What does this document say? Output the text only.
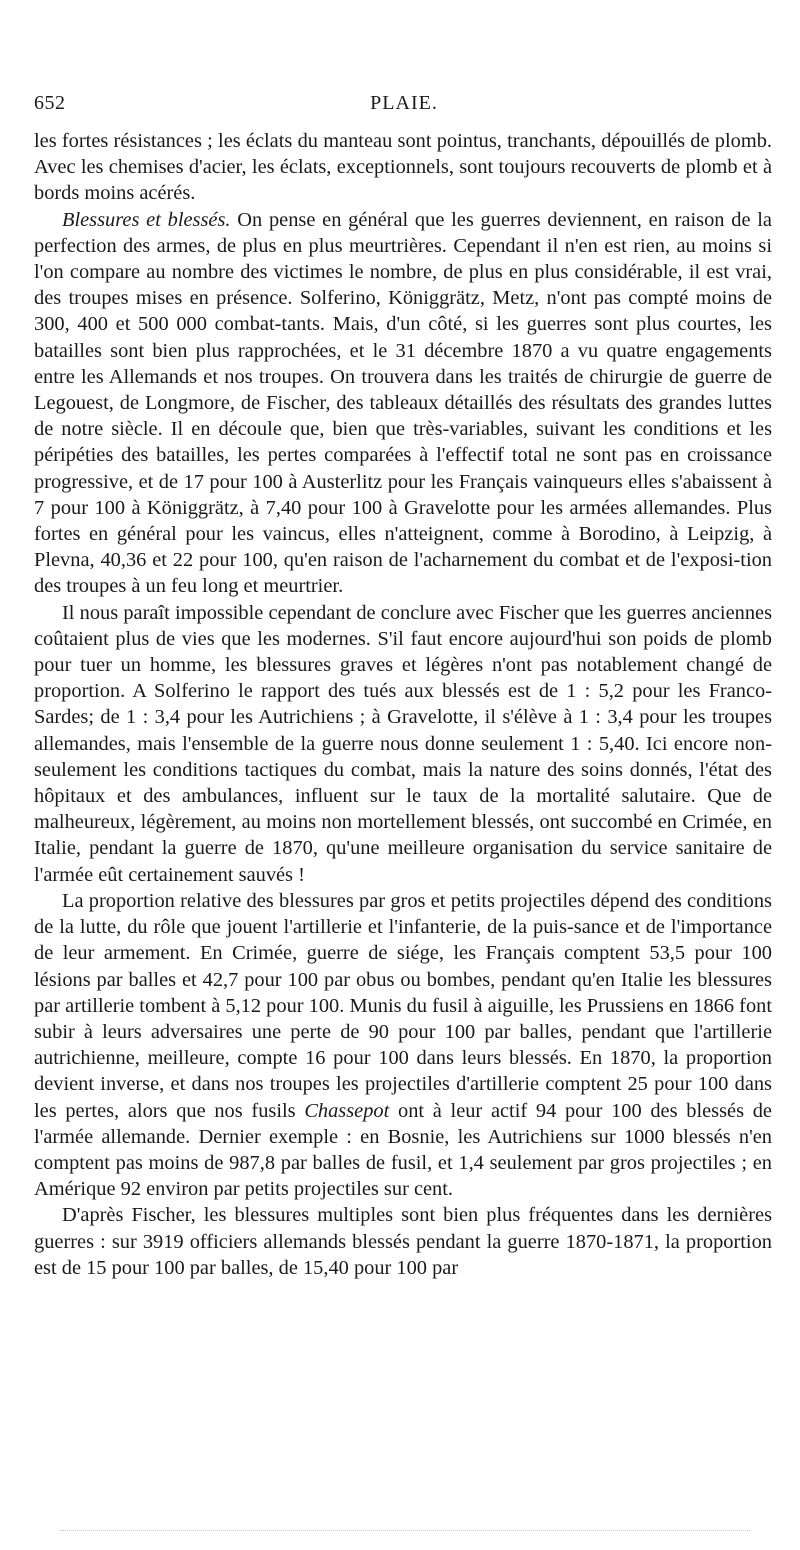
652	PLAIE.

les fortes résistances ; les éclats du manteau sont pointus, tranchants, dépouillés de plomb. Avec les chemises d'acier, les éclats, exceptionnels, sont toujours recouverts de plomb et à bords moins acérés.

Blessures et blessés. On pense en général que les guerres deviennent, en raison de la perfection des armes, de plus en plus meurtrières. Cependant il n'en est rien, au moins si l'on compare au nombre des victimes le nombre, de plus en plus considérable, il est vrai, des troupes mises en présence. Solferino, Königgrätz, Metz, n'ont pas compté moins de 300, 400 et 500 000 combat-tants. Mais, d'un côté, si les guerres sont plus courtes, les batailles sont bien plus rapprochées, et le 31 décembre 1870 a vu quatre engagements entre les Allemands et nos troupes. On trouvera dans les traités de chirurgie de guerre de Legouest, de Longmore, de Fischer, des tableaux détaillés des résultats des grandes luttes de notre siècle. Il en découle que, bien que très-variables, suivant les conditions et les péripéties des batailles, les pertes comparées à l'effectif total ne sont pas en croissance progressive, et de 17 pour 100 à Austerlitz pour les Français vainqueurs elles s'abaissent à 7 pour 100 à Königgrätz, à 7,40 pour 100 à Gravelotte pour les armées allemandes. Plus fortes en général pour les vaincus, elles n'atteignent, comme à Borodino, à Leipzig, à Plevna, 40,36 et 22 pour 100, qu'en raison de l'acharnement du combat et de l'exposi-tion des troupes à un feu long et meurtrier.

Il nous paraît impossible cependant de conclure avec Fischer que les guerres anciennes coûtaient plus de vies que les modernes. S'il faut encore aujourd'hui son poids de plomb pour tuer un homme, les blessures graves et légères n'ont pas notablement changé de proportion. A Solferino le rapport des tués aux blessés est de 1 : 5,2 pour les Franco-Sardes; de 1 : 3,4 pour les Autrichiens ; à Gravelotte, il s'élève à 1 : 3,4 pour les troupes allemandes, mais l'ensemble de la guerre nous donne seulement 1 : 5,40. Ici encore non-seulement les conditions tactiques du combat, mais la nature des soins donnés, l'état des hôpitaux et des ambulances, influent sur le taux de la mortalité salutaire. Que de malheureux, légèrement, au moins non mortellement blessés, ont succombé en Crimée, en Italie, pendant la guerre de 1870, qu'une meilleure organisation du service sanitaire de l'armée eût certainement sauvés !

La proportion relative des blessures par gros et petits projectiles dépend des conditions de la lutte, du rôle que jouent l'artillerie et l'infanterie, de la puis-sance et de l'importance de leur armement. En Crimée, guerre de siége, les Français comptent 53,5 pour 100 lésions par balles et 42,7 pour 100 par obus ou bombes, pendant qu'en Italie les blessures par artillerie tombent à 5,12 pour 100. Munis du fusil à aiguille, les Prussiens en 1866 font subir à leurs adversaires une perte de 90 pour 100 par balles, pendant que l'artillerie autrichienne, meilleure, compte 16 pour 100 dans leurs blessés. En 1870, la proportion devient inverse, et dans nos troupes les projectiles d'artillerie comptent 25 pour 100 dans les pertes, alors que nos fusils Chassepot ont à leur actif 94 pour 100 des blessés de l'armée allemande. Dernier exemple : en Bosnie, les Autrichiens sur 1000 blessés n'en comptent pas moins de 987,8 par balles de fusil, et 1,4 seulement par gros projectiles ; en Amérique 92 environ par petits projectiles sur cent.

D'après Fischer, les blessures multiples sont bien plus fréquentes dans les dernières guerres : sur 3919 officiers allemands blessés pendant la guerre 1870-1871, la proportion est de 15 pour 100 par balles, de 15,40 pour 100 par
